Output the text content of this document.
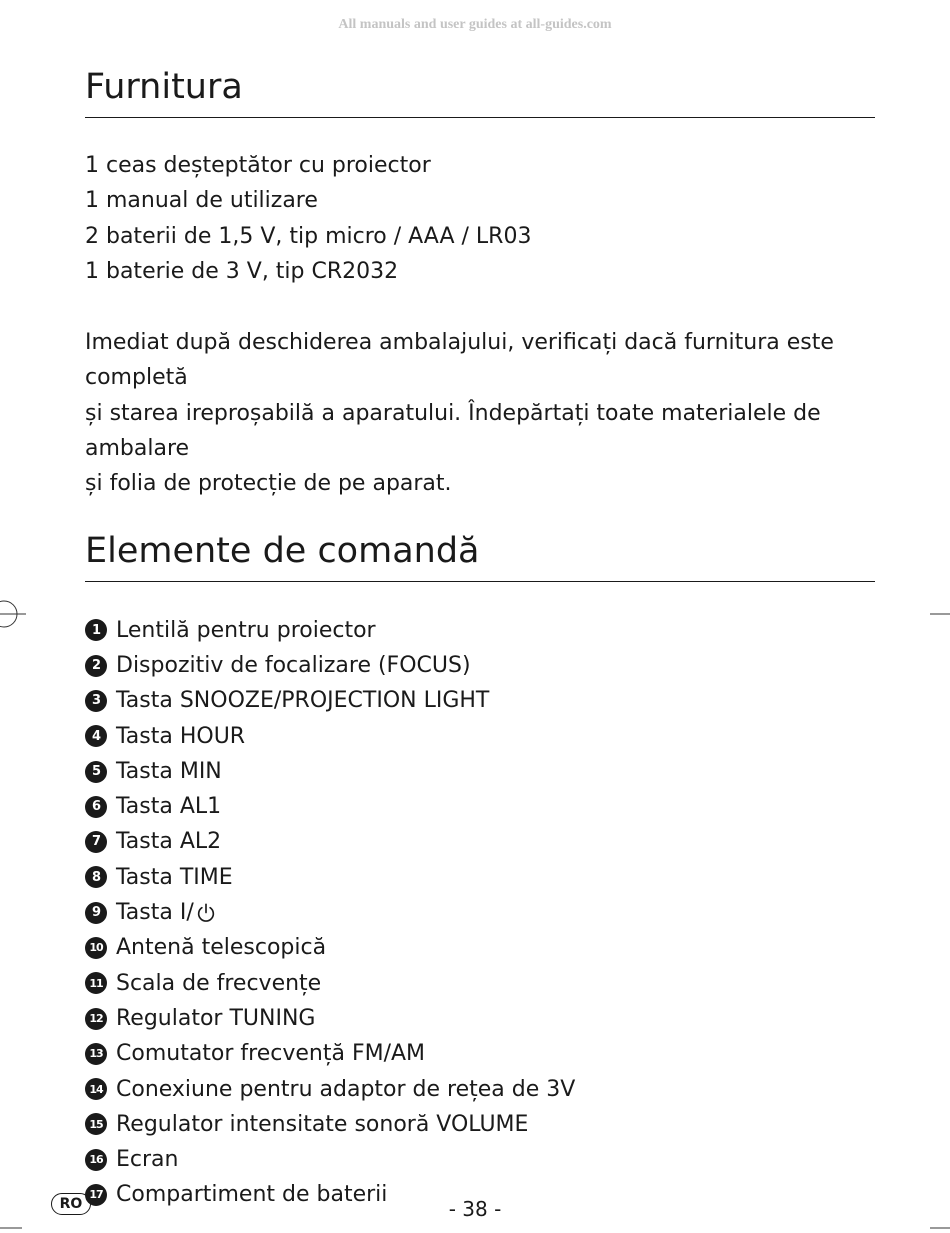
All manuals and user guides at all-guides.com
Furnitura
1 ceas deșteptător cu proiector
1 manual de utilizare
2 baterii de 1,5 V, tip micro / AAA / LR03
1 baterie de 3 V, tip CR2032

Imediat după deschiderea ambalajului, verificați dacă furnitura este completă
și starea ireproșabilă a aparatului. Îndepărtați toate materialele de ambalare
și folia de protecție de pe aparat.

Elemente de comandă
1 Lentilă pentru proiector
2 Dispozitiv de focalizare (FOCUS)
3 Tasta SNOOZE/PROJECTION LIGHT
4 Tasta HOUR
5 Tasta MIN
6 Tasta AL1
7 Tasta AL2
8 Tasta TIME
9 Tasta I/
10 Antenă telescopică
11 Scala de frecvențe
12 Regulator TUNING
13 Comutator frecvență FM/AM
14 Conexiune pentru adaptor de rețea de 3V
15 Regulator intensitate sonoră VOLUME
16 Ecran
17 Compartiment de baterii
RO	- 38 -
